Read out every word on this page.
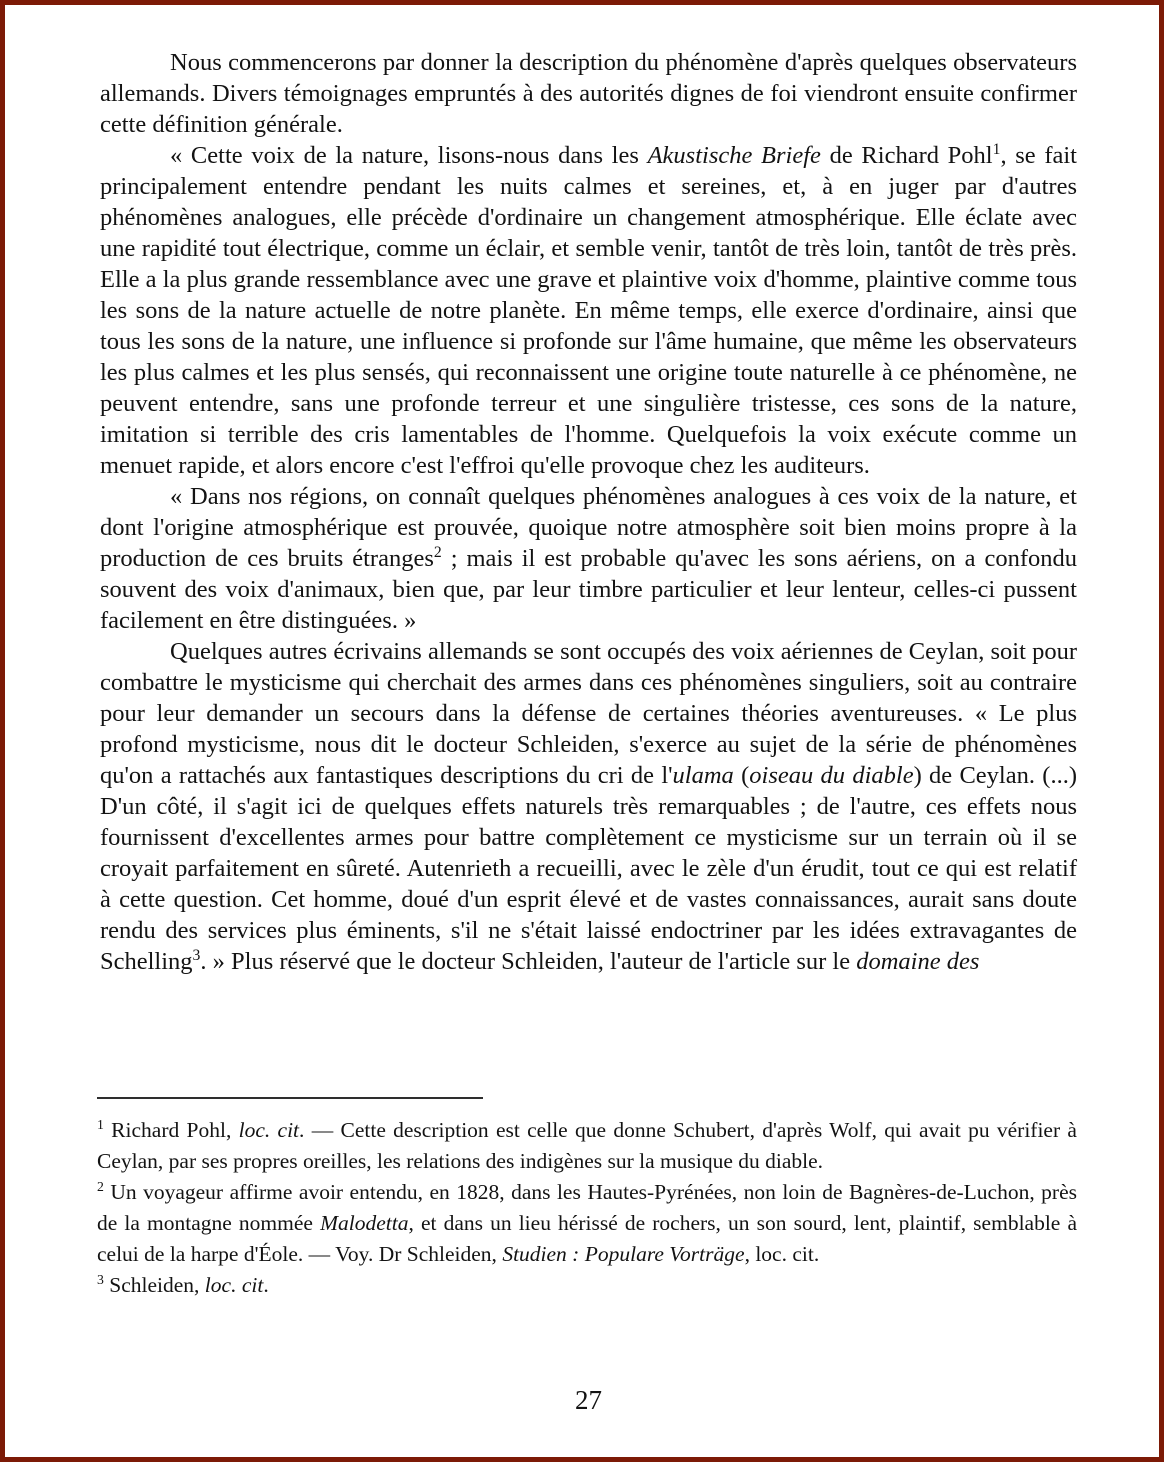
Nous commencerons par donner la description du phénomène d'après quelques observateurs allemands. Divers témoignages empruntés à des autorités dignes de foi viendront ensuite confirmer cette définition générale.

« Cette voix de la nature, lisons-nous dans les Akustische Briefe de Richard Pohl$^1$, se fait principalement entendre pendant les nuits calmes et sereines, et, à en juger par d'autres phénomènes analogues, elle précède d'ordinaire un changement atmosphérique. Elle éclate avec une rapidité tout électrique, comme un éclair, et semble venir, tantôt de très loin, tantôt de très près. Elle a la plus grande ressemblance avec une grave et plaintive voix d'homme, plaintive comme tous les sons de la nature actuelle de notre planète. En même temps, elle exerce d'ordinaire, ainsi que tous les sons de la nature, une influence si profonde sur l'âme humaine, que même les observateurs les plus calmes et les plus sensés, qui reconnaissent une origine toute naturelle à ce phénomène, ne peuvent entendre, sans une profonde terreur et une singulière tristesse, ces sons de la nature, imitation si terrible des cris lamentables de l'homme. Quelquefois la voix exécute comme un menuet rapide, et alors encore c'est l'effroi qu'elle provoque chez les auditeurs.

« Dans nos régions, on connaît quelques phénomènes analogues à ces voix de la nature, et dont l'origine atmosphérique est prouvée, quoique notre atmosphère soit bien moins propre à la production de ces bruits étranges$^2$ ; mais il est probable qu'avec les sons aériens, on a confondu souvent des voix d'animaux, bien que, par leur timbre particulier et leur lenteur, celles-ci pussent facilement en être distinguées. »

Quelques autres écrivains allemands se sont occupés des voix aériennes de Ceylan, soit pour combattre le mysticisme qui cherchait des armes dans ces phénomènes singuliers, soit au contraire pour leur demander un secours dans la défense de certaines théories aventureuses. « Le plus profond mysticisme, nous dit le docteur Schleiden, s'exerce au sujet de la série de phénomènes qu'on a rattachés aux fantastiques descriptions du cri de l'ulama (oiseau du diable) de Ceylan. (...) D'un côté, il s'agit ici de quelques effets naturels très remarquables ; de l'autre, ces effets nous fournissent d'excellentes armes pour battre complètement ce mysticisme sur un terrain où il se croyait parfaitement en sûreté. Autenrieth a recueilli, avec le zèle d'un érudit, tout ce qui est relatif à cette question. Cet homme, doué d'un esprit élevé et de vastes connaissances, aurait sans doute rendu des services plus éminents, s'il ne s'était laissé endoctriner par les idées extravagantes de Schelling$^3$. » Plus réservé que le docteur Schleiden, l'auteur de l'article sur le domaine des

$^1$ Richard Pohl, loc. cit. — Cette description est celle que donne Schubert, d'après Wolf, qui avait pu vérifier à Ceylan, par ses propres oreilles, les relations des indigènes sur la musique du diable.

$^2$ Un voyageur affirme avoir entendu, en 1828, dans les Hautes-Pyrénées, non loin de Bagnères-de-Luchon, près de la montagne nommée Malodetta, et dans un lieu hérissé de rochers, un son sourd, lent, plaintif, semblable à celui de la harpe d'Éole. — Voy. Dr Schleiden, Studien : Populare Vorträge, loc. cit.

$^3$ Schleiden, loc. cit.

27
